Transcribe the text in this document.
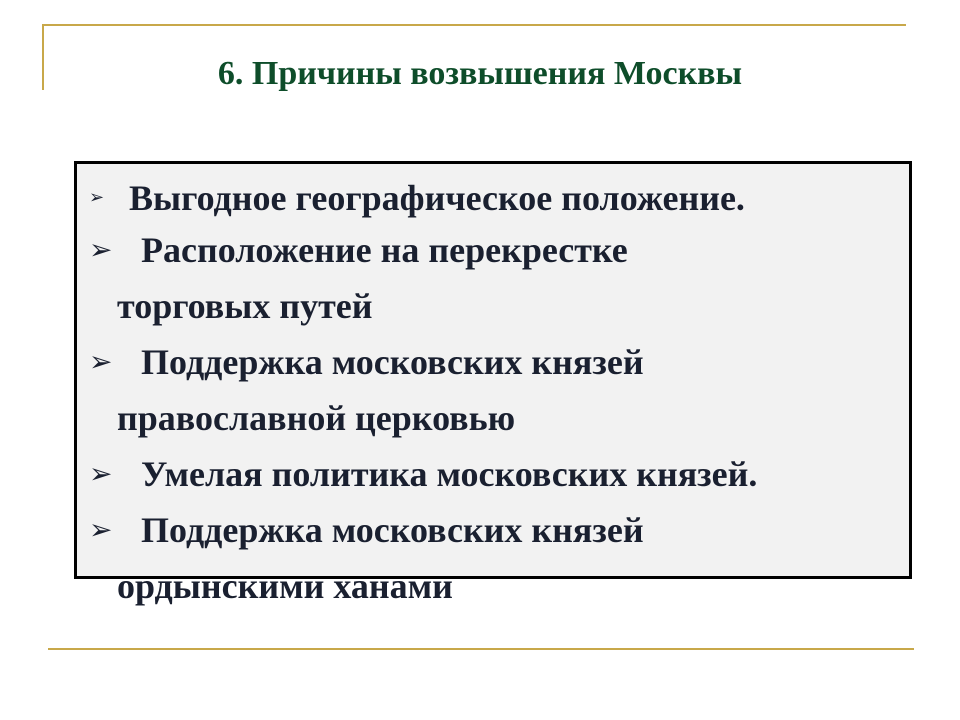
6. Причины возвышения Москвы
➢ Выгодное географическое положение.
➢ Расположение на перекрестке
торговых путей
➢ Поддержка московских князей
православной церковью
➢ Умелая политика московских князей.
➢ Поддержка московских князей
ордынскими ханами
